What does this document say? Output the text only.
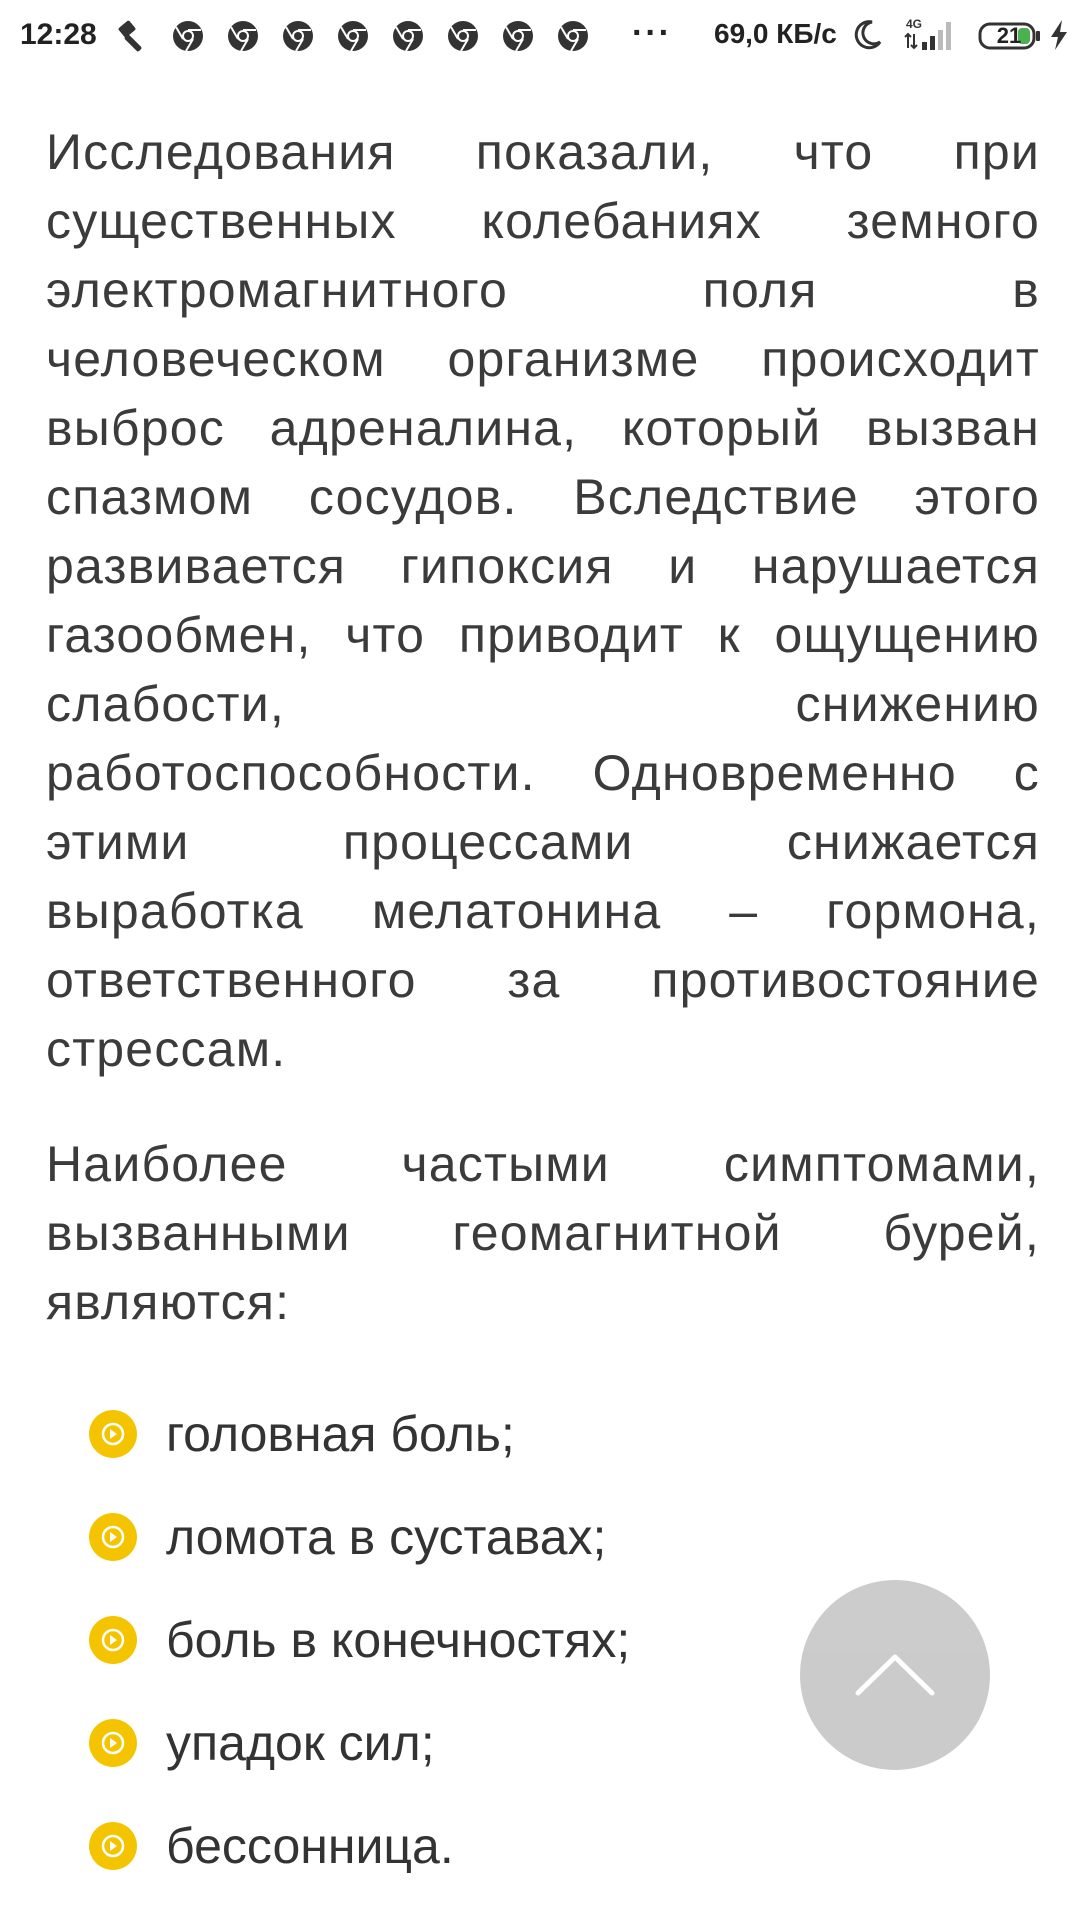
12:28	··· 69,0 КБ/с	4G	21

Исследования показали, что при существенных колебаниях земного электромагнитного поля в человеческом организме происходит выброс адреналина, который вызван спазмом сосудов. Вследствие этого развивается гипоксия и нарушается газообмен, что приводит к ощущению слабости, снижению работоспособности. Одновременно с этими процессами снижается выработка мелатонина – гормона, ответственного за противостояние стрессам.

Наиболее частыми симптомами, вызванными геомагнитной бурей, являются:

головная боль;
ломота в суставах;
боль в конечностях;
упадок сил;
бессонница.
